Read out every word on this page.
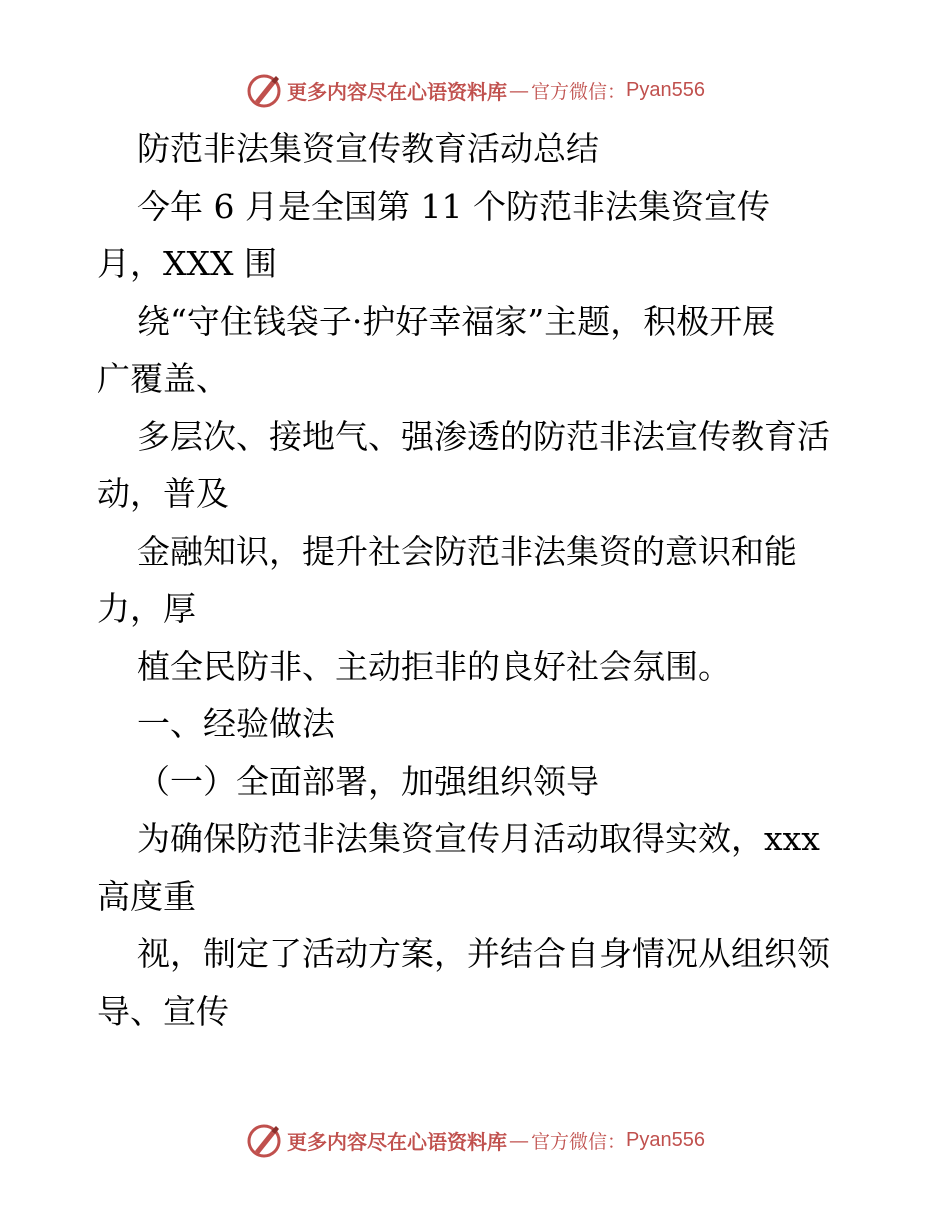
更多内容尽在心语资料库 — 官方微信： Pyan556
防范非法集资宣传教育活动总结
今年 6 月是全国第 11 个防范非法集资宣传
月，XXX 围
绕“守住钱袋子·护好幸福家”主题，积极开展
广覆盖、
多层次、接地气、强渗透的防范非法宣传教育活
动，普及
金融知识，提升社会防范非法集资的意识和能
力，厚
植全民防非、主动拒非的良好社会氛围。
一、经验做法
（一）全面部署，加强组织领导
为确保防范非法集资宣传月活动取得实效，xxx
高度重
视，制定了活动方案，并结合自身情况从组织领
导、宣传
更多内容尽在心语资料库 — 官方微信： Pyan556
